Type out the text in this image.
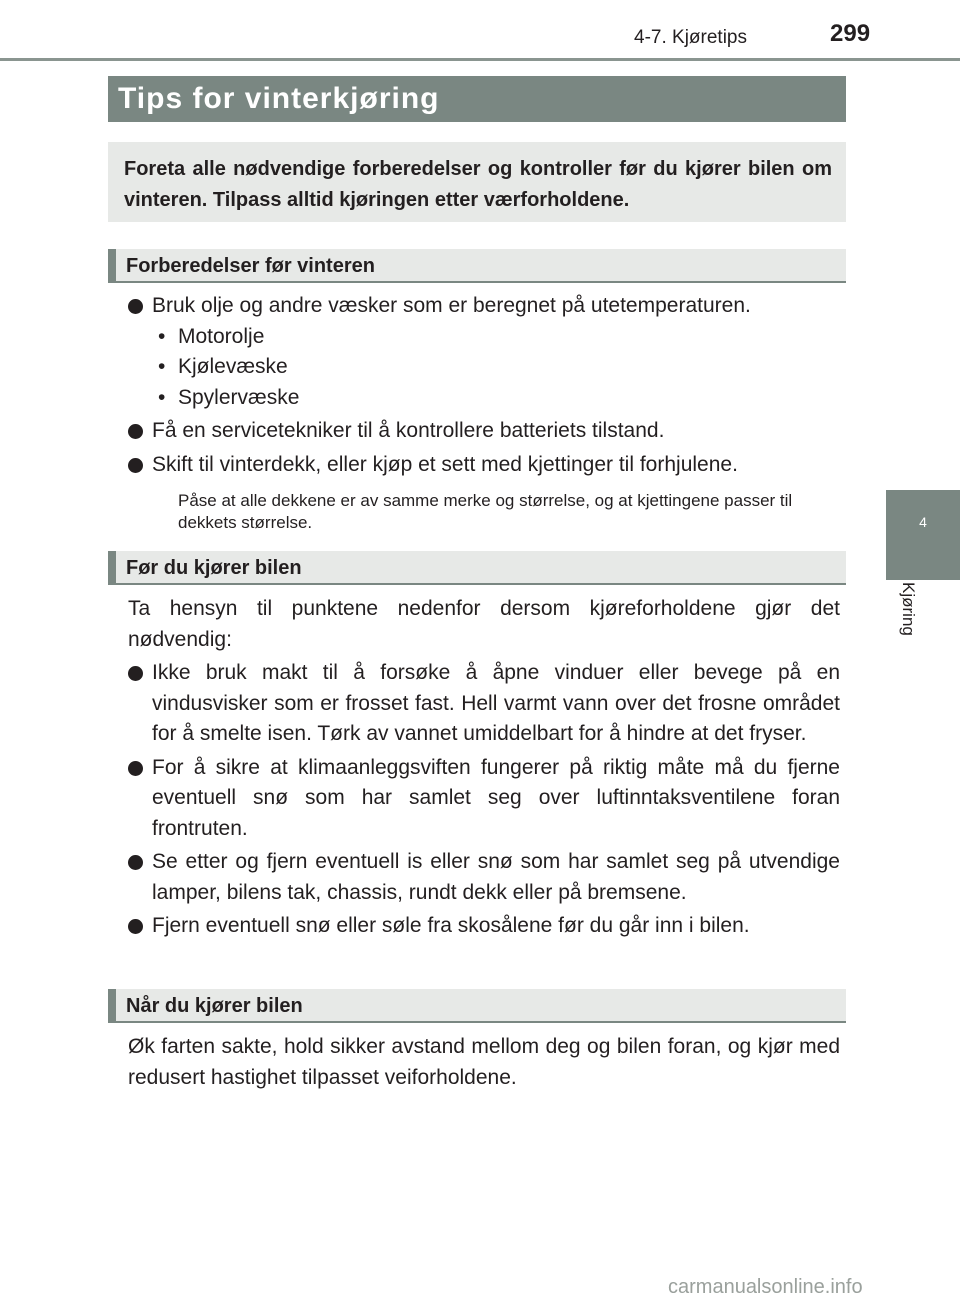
4-7. Kjøretips	299
4
Kjøring
Tips for vinterkjøring
Foreta alle nødvendige forberedelser og kontroller før du kjører bilen om vinteren. Tilpass alltid kjøringen etter værforholdene.
Forberedelser før vinteren
Bruk olje og andre væsker som er beregnet på utetemperaturen.
• Motorolje
• Kjølevæske
• Spylervæske
Få en servicetekniker til å kontrollere batteriets tilstand.
Skift til vinterdekk, eller kjøp et sett med kjettinger til forhjulene.
Påse at alle dekkene er av samme merke og størrelse, og at kjettingene passer til dekkets størrelse.
Før du kjører bilen
Ta hensyn til punktene nedenfor dersom kjøreforholdene gjør det nødvendig:
Ikke bruk makt til å forsøke å åpne vinduer eller bevege på en vindusvisker som er frosset fast. Hell varmt vann over det frosne området for å smelte isen. Tørk av vannet umiddelbart for å hindre at det fryser.
For å sikre at klimaanleggsviften fungerer på riktig måte må du fjerne eventuell snø som har samlet seg over luftinntaksventilene foran frontruten.
Se etter og fjern eventuell is eller snø som har samlet seg på utvendige lamper, bilens tak, chassis, rundt dekk eller på bremsene.
Fjern eventuell snø eller søle fra skosålene før du går inn i bilen.
Når du kjører bilen
Øk farten sakte, hold sikker avstand mellom deg og bilen foran, og kjør med redusert hastighet tilpasset veiforholdene.
carmanualsonline.info
